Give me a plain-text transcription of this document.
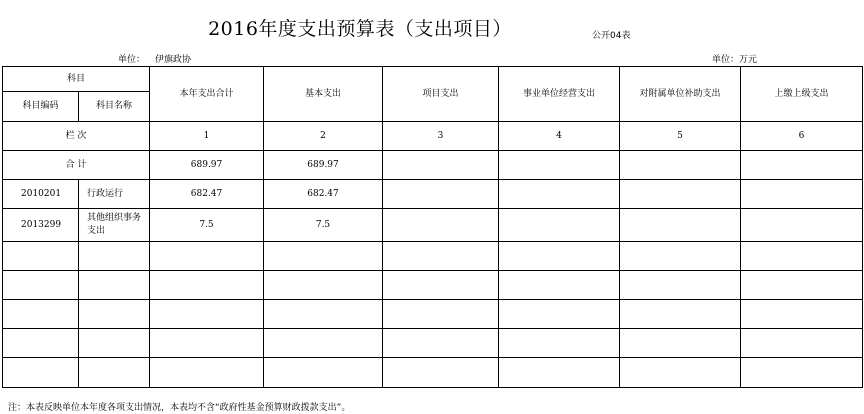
2016年度支出预算表（支出项目）	公开04表
单位： 伊旗政协	单位：万元
科目		本年支出合计	基本支出	项目支出	事业单位经营支出	对附属单位补助支出	上缴上级支出
科目编码	科目名称						
栏 次		1	2	3	4	5	6
合 计		689.97	689.97				
2010201	行政运行	682.47	682.47				
2013299	其他组织事务支出	7.5	7.5				

注：本表反映单位本年度各项支出情况，本表均不含“政府性基金预算财政拨款支出”。
